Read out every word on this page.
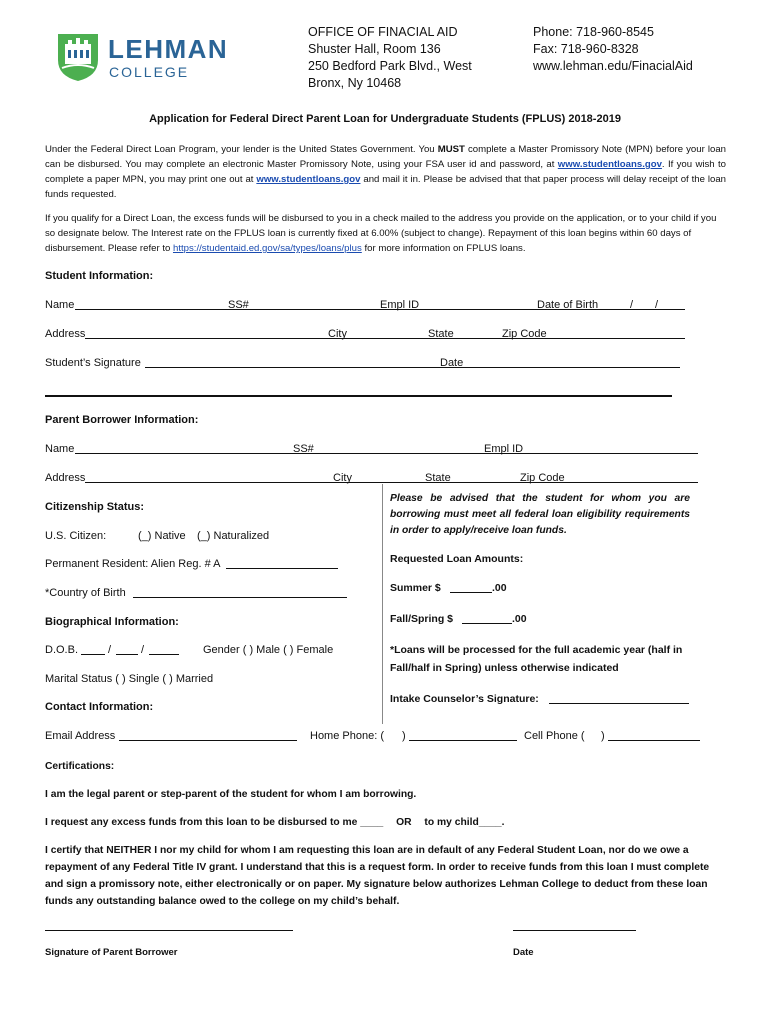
LEHMAN
COLLEGE
OFFICE OF FINACIAL AID
Shuster Hall, Room 136
250 Bedford Park Blvd., West
Bronx, Ny 10468
Phone: 718-960-8545
Fax: 718-960-8328
www.lehman.edu/FinacialAid
Application for Federal Direct Parent Loan for Undergraduate Students (FPLUS) 2018-2019
Under the Federal Direct Loan Program, your lender is the United States Government. You MUST complete a Master Promissory Note (MPN) before your loan can be disbursed. You may complete an electronic Master Promissory Note, using your FSA user id and password, at www.studentloans.gov. If you wish to complete a paper MPN, you may print one out at www.studentloans.gov and mail it in. Please be advised that that paper process will delay receipt of the loan funds requested.
If you qualify for a Direct Loan, the excess funds will be disbursed to you in a check mailed to the address you provide on the application, or to your child if you so designate below. The Interest rate on the FPLUS loan is currently fixed at 6.00% (subject to change). Repayment of this loan begins within 60 days of disbursement. Please refer to https://studentaid.ed.gov/sa/types/loans/plus for more information on FPLUS loans.
Student Information:
Name	SS#	Empl ID	Date of Birth	/ /
Address	City	State	Zip Code
Student’s Signature	Date
Parent Borrower Information:
Name	SS#	Empl ID
Address	City	State	Zip Code
Citizenship Status:
U.S. Citizen:	(_) Native (_) Naturalized
Permanent Resident: Alien Reg. # A
*Country of Birth
Biographical Information:
D.O.B.	/	/	Gender ( ) Male ( ) Female
Marital Status ( ) Single ( ) Married
Contact Information:
Email Address	Home Phone: ( )	Cell Phone ( )
Please be advised that the student for whom you are borrowing must meet all federal loan eligibility requirements in order to apply/receive loan funds.
Requested Loan Amounts:
Summer $	.00
Fall/Spring $	.00
*Loans will be processed for the full academic year (half in Fall/half in Spring) unless otherwise indicated
Intake Counselor’s Signature:
Certifications:
I am the legal parent or step-parent of the student for whom I am borrowing.
I request any excess funds from this loan to be disbursed to me ____ OR to my child____.
I certify that NEITHER I nor my child for whom I am requesting this loan are in default of any Federal Student Loan, nor do we owe a repayment of any Federal Title IV grant. I understand that this is a request form. In order to receive funds from this loan I must complete and sign a promissory note, either electronically or on paper. My signature below authorizes Lehman College to deduct from these loan funds any outstanding balance owed to the college on my child’s behalf.
Signature of Parent Borrower	Date
